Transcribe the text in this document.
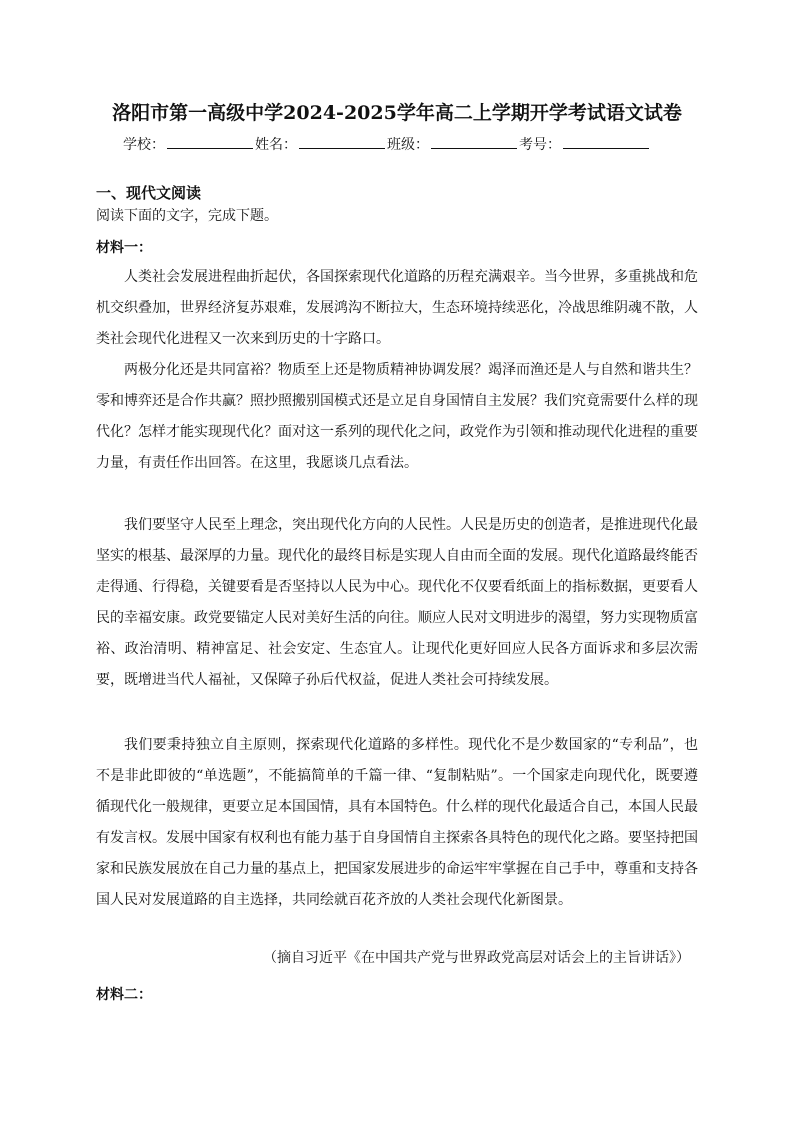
洛阳市第一高级中学2024-2025学年高二上学期开学考试语文试卷
学校：	姓名：	班级：	考号：
一、现代文阅读
阅读下面的文字，完成下题。
材料一：

人类社会发展进程曲折起伏，各国探索现代化道路的历程充满艰辛。当今世界，多重挑战和危机交织叠加，世界经济复苏艰难，发展鸿沟不断拉大，生态环境持续恶化，冷战思维阴魂不散，人类社会现代化进程又一次来到历史的十字路口。

两极分化还是共同富裕？物质至上还是物质精神协调发展？竭泽而渔还是人与自然和谐共生？零和博弈还是合作共赢？照抄照搬别国模式还是立足自身国情自主发展？我们究竟需要什么样的现代化？怎样才能实现现代化？面对这一系列的现代化之问，政党作为引领和推动现代化进程的重要力量，有责任作出回答。在这里，我愿谈几点看法。

我们要坚守人民至上理念，突出现代化方向的人民性。人民是历史的创造者，是推进现代化最坚实的根基、最深厚的力量。现代化的最终目标是实现人自由而全面的发展。现代化道路最终能否走得通、行得稳，关键要看是否坚持以人民为中心。现代化不仅要看纸面上的指标数据，更要看人民的幸福安康。政党要锚定人民对美好生活的向往。顺应人民对文明进步的渴望，努力实现物质富裕、政治清明、精神富足、社会安定、生态宜人。让现代化更好回应人民各方面诉求和多层次需要，既增进当代人福祉，又保障子孙后代权益，促进人类社会可持续发展。

我们要秉持独立自主原则，探索现代化道路的多样性。现代化不是少数国家的“专利品”，也不是非此即彼的“单选题”，不能搞简单的千篇一律、“复制粘贴”。一个国家走向现代化，既要遵循现代化一般规律，更要立足本国国情，具有本国特色。什么样的现代化最适合自己，本国人民最有发言权。发展中国家有权利也有能力基于自身国情自主探索各具特色的现代化之路。要坚持把国家和民族发展放在自己力量的基点上，把国家发展进步的命运牢牢掌握在自己手中，尊重和支持各国人民对发展道路的自主选择，共同绘就百花齐放的人类社会现代化新图景。

（摘自习近平《在中国共产党与世界政党高层对话会上的主旨讲话》）
材料二：
